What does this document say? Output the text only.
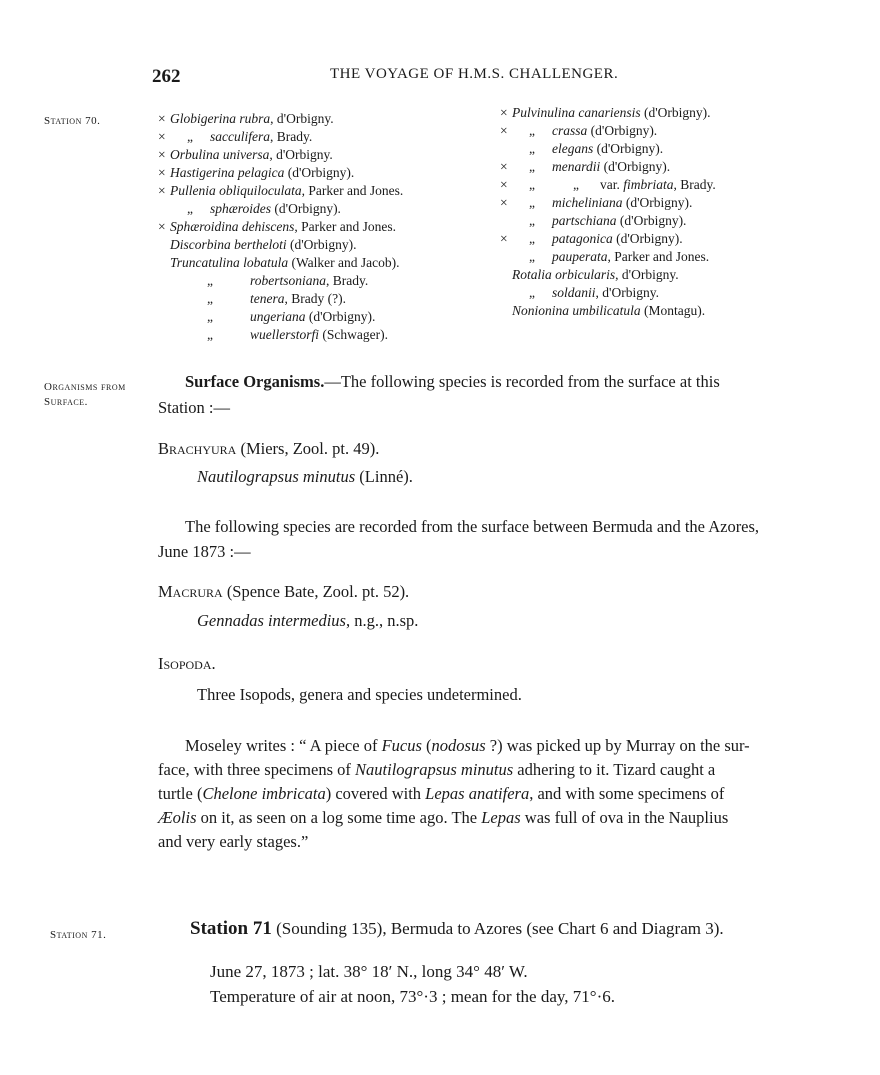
262	THE VOYAGE OF H.M.S. CHALLENGER.
Station 70.
Organisms from
Surface.
Station 71.
× Globigerina rubra, d'Orbigny.
× „ sacculifera, Brady.
× Orbulina universa, d'Orbigny.
× Hastigerina pelagica (d'Orbigny).
× Pullenia obliquiloculata, Parker and Jones.
„ sphæroides (d'Orbigny).
× Sphæroidina dehiscens, Parker and Jones.
Discorbina bertheloti (d'Orbigny).
Truncatulina lobatula (Walker and Jacob).
„	robertsoniana, Brady.
„	tenera, Brady (?).
„	ungeriana (d'Orbigny).
„	wuellerstorfi (Schwager).
× Pulvinulina canariensis (d'Orbigny).
× „ crassa (d'Orbigny).
„ elegans (d'Orbigny).
× „ menardii (d'Orbigny).
× „	„ var. fimbriata, Brady.
× „ micheliniana (d'Orbigny).
„ partschiana (d'Orbigny).
× „ patagonica (d'Orbigny).
„ pauperata, Parker and Jones.
Rotalia orbicularis, d'Orbigny.
„ soldanii, d'Orbigny.
Nonionina umbilicatula (Montagu).
Surface Organisms.—The following species is recorded from the surface at this
Station :—
Brachyura (Miers, Zool. pt. 49).
Nautilograpsus minutus (Linné).
The following species are recorded from the surface between Bermuda and the Azores,
June 1873 :—
Macrura (Spence Bate, Zool. pt. 52).
Gennadas intermedius, n.g., n.sp.
Isopoda.
Three Isopods, genera and species undetermined.
Moseley writes : “ A piece of Fucus (nodosus ?) was picked up by Murray on the sur-
face, with three specimens of Nautilograpsus minutus adhering to it. Tizard caught a
turtle (Chelone imbricata) covered with Lepas anatifera, and with some specimens of
Æolis on it, as seen on a log some time ago. The Lepas was full of ova in the Nauplius
and very early stages.”
Station 71 (Sounding 135), Bermuda to Azores (see Chart 6 and Diagram 3).
June 27, 1873 ; lat. 38° 18′ N., long 34° 48′ W.
Temperature of air at noon, 73°·3 ; mean for the day, 71°·6.
